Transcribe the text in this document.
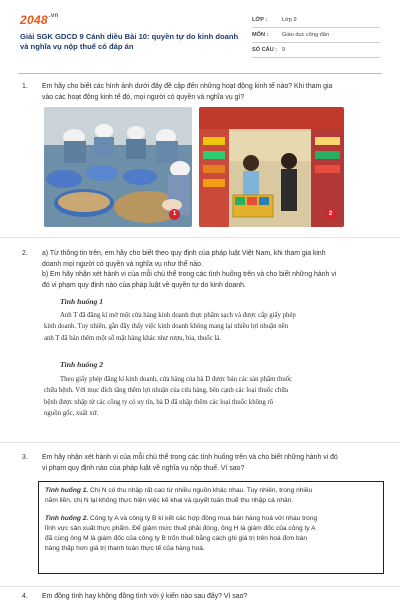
$2048^{.vn}$
Giải SGK GDCD 9 Cánh diều Bài 10: quyền tự do kinh doanh và nghĩa vụ nộp thuế có đáp án
LỚP :	Lớp 9
MÔN :	Giáo dục công dân
SỐ CÂU : 9
1.	Em hãy cho biết các hình ảnh dưới đây đề cập đến những hoạt động kinh tế nào? Khi tham gia
vào các hoạt động kinh tế đó, mọi người có quyền và nghĩa vụ gì?
1	2
2.	a) Từ thông tin trên, em hãy cho biết theo quy định của pháp luật Việt Nam, khi tham gia kinh
doanh mọi người có quyền và nghĩa vụ như thế nào.
b) Em hãy nhận xét hành vi của mỗi chủ thể trong các tình huống trên và cho biết những hành vi
đó vi phạm quy định nào của pháp luật về quyền tự do kinh doanh.
Tình huống 1
Anh T đã đăng kí mở một cửa hàng kinh doanh thực phẩm sạch và được cấp giấy phép
kinh doanh. Tuy nhiên, gần đây thấy việc kinh doanh không mang lại nhiều lợi nhuận nên
anh T đã bán thêm một số mặt hàng khác như rượu, bia, thuốc lá.
Tình huống 2
Theo giấy phép đăng kí kinh doanh, cửa hàng của bà D được bán các sản phẩm thuốc
chữa bệnh. Vời mục đích tăng thêm lợi nhuận của cửa hàng, bên cạnh các loại thuốc chữa
bệnh được nhập từ các công ty có uy tín, bà D đã nhập thêm các loại thuốc không rõ
nguồn gốc, xuất xứ.
3.	Em hãy nhận xét hành vi của mỗi chủ thể trong các tình huống trên và cho biết những hành vi đó
vi phạm quy định nào của pháp luật về nghĩa vụ nộp thuế. Vì sao?

Tình huống 1. Chị N có thu nhập rất cao từ nhiều nguồn khác nhau. Tuy nhiên, trong nhiều

năm liền, chị N lại không thực hiện việc kê khai và quyết toán thuế thu nhập cá nhân.

Tình huống 2. Công ty A và công ty B kí kết các hợp đồng mua bán hàng hoá với nhau trong

lĩnh vực sản xuất thực phẩm. Để giảm mức thuế phải đóng, ông H là giám đốc của công ty A

đã cùng ông M là giám đốc của công ty B trốn thuế bằng cách ghi giá trị trên hoá đơn bán

hàng thấp hơn giá trị thanh toán thực tế của hàng hoá.

4.	Em đồng tình hay không đồng tình với ý kiến nào sau đây? Vì sao?
